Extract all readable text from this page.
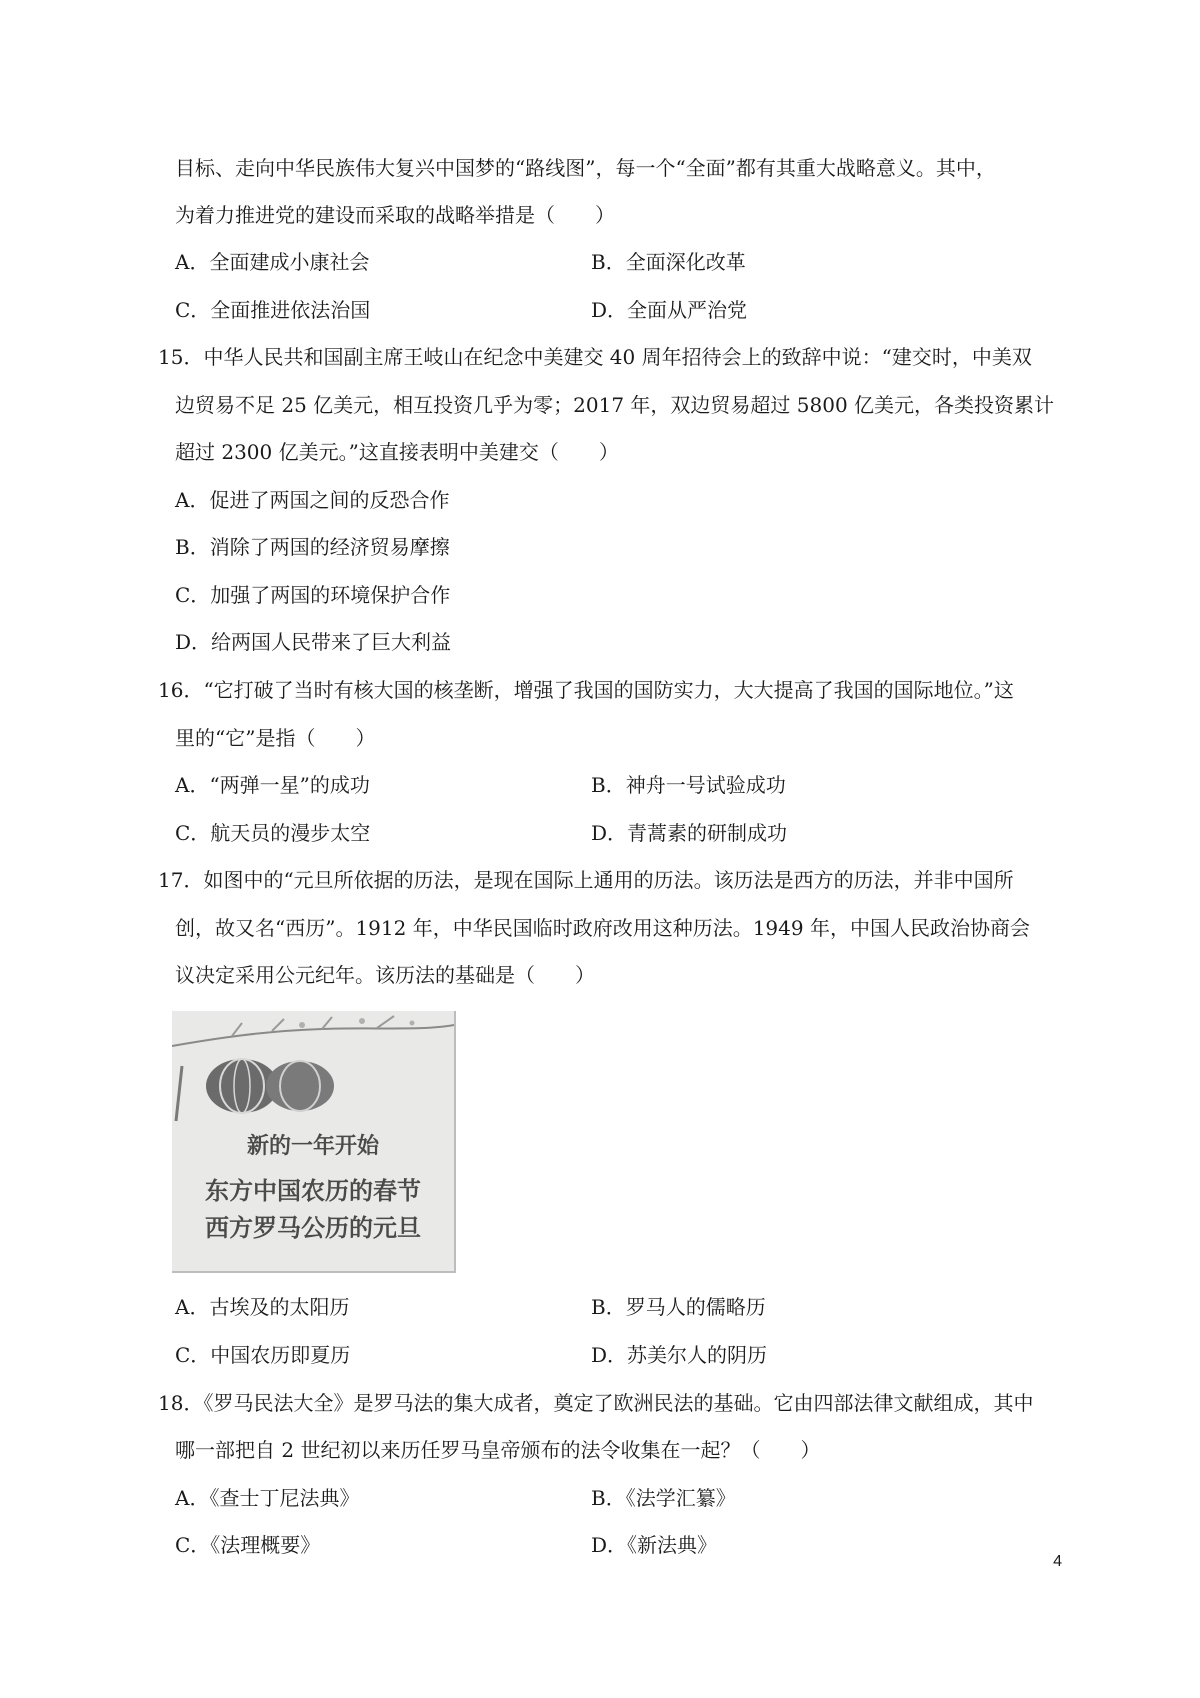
目标、走向中华民族伟大复兴中国梦的“路线图”，每一个“全面”都有其重大战略意义。其中，
为着力推进党的建设而采取的战略举措是（　　）
A．全面建成小康社会	B．全面深化改革
C．全面推进依法治国	D．全面从严治党
15．中华人民共和国副主席王岐山在纪念中美建交 40 周年招待会上的致辞中说：“建交时，中美双
边贸易不足 25 亿美元，相互投资几乎为零；2017 年，双边贸易超过 5800 亿美元，各类投资累计
超过 2300 亿美元。”这直接表明中美建交（　　）
A．促进了两国之间的反恐合作
B．消除了两国的经济贸易摩擦
C．加强了两国的环境保护合作
D．给两国人民带来了巨大利益
16．“它打破了当时有核大国的核垄断，增强了我国的国防实力，大大提高了我国的国际地位。”这
里的“它”是指（　　）
A．“两弹一星”的成功	B．神舟一号试验成功
C．航天员的漫步太空	D．青蒿素的研制成功
17．如图中的“元旦所依据的历法，是现在国际上通用的历法。该历法是西方的历法，并非中国所
创，故又名“西历”。1912 年，中华民国临时政府改用这种历法。1949 年，中国人民政治协商会
议决定采用公元纪年。该历法的基础是（　　）
新的一年开始
东方中国农历的春节
西方罗马公历的元旦
A．古埃及的太阳历	B．罗马人的儒略历
C．中国农历即夏历	D．苏美尔人的阴历
18．《罗马民法大全》是罗马法的集大成者，奠定了欧洲民法的基础。它由四部法律文献组成，其中
哪一部把自 2 世纪初以来历任罗马皇帝颁布的法令收集在一起？（　　）
A．《查士丁尼法典》	B．《法学汇纂》
C．《法理概要》	D．《新法典》
4
